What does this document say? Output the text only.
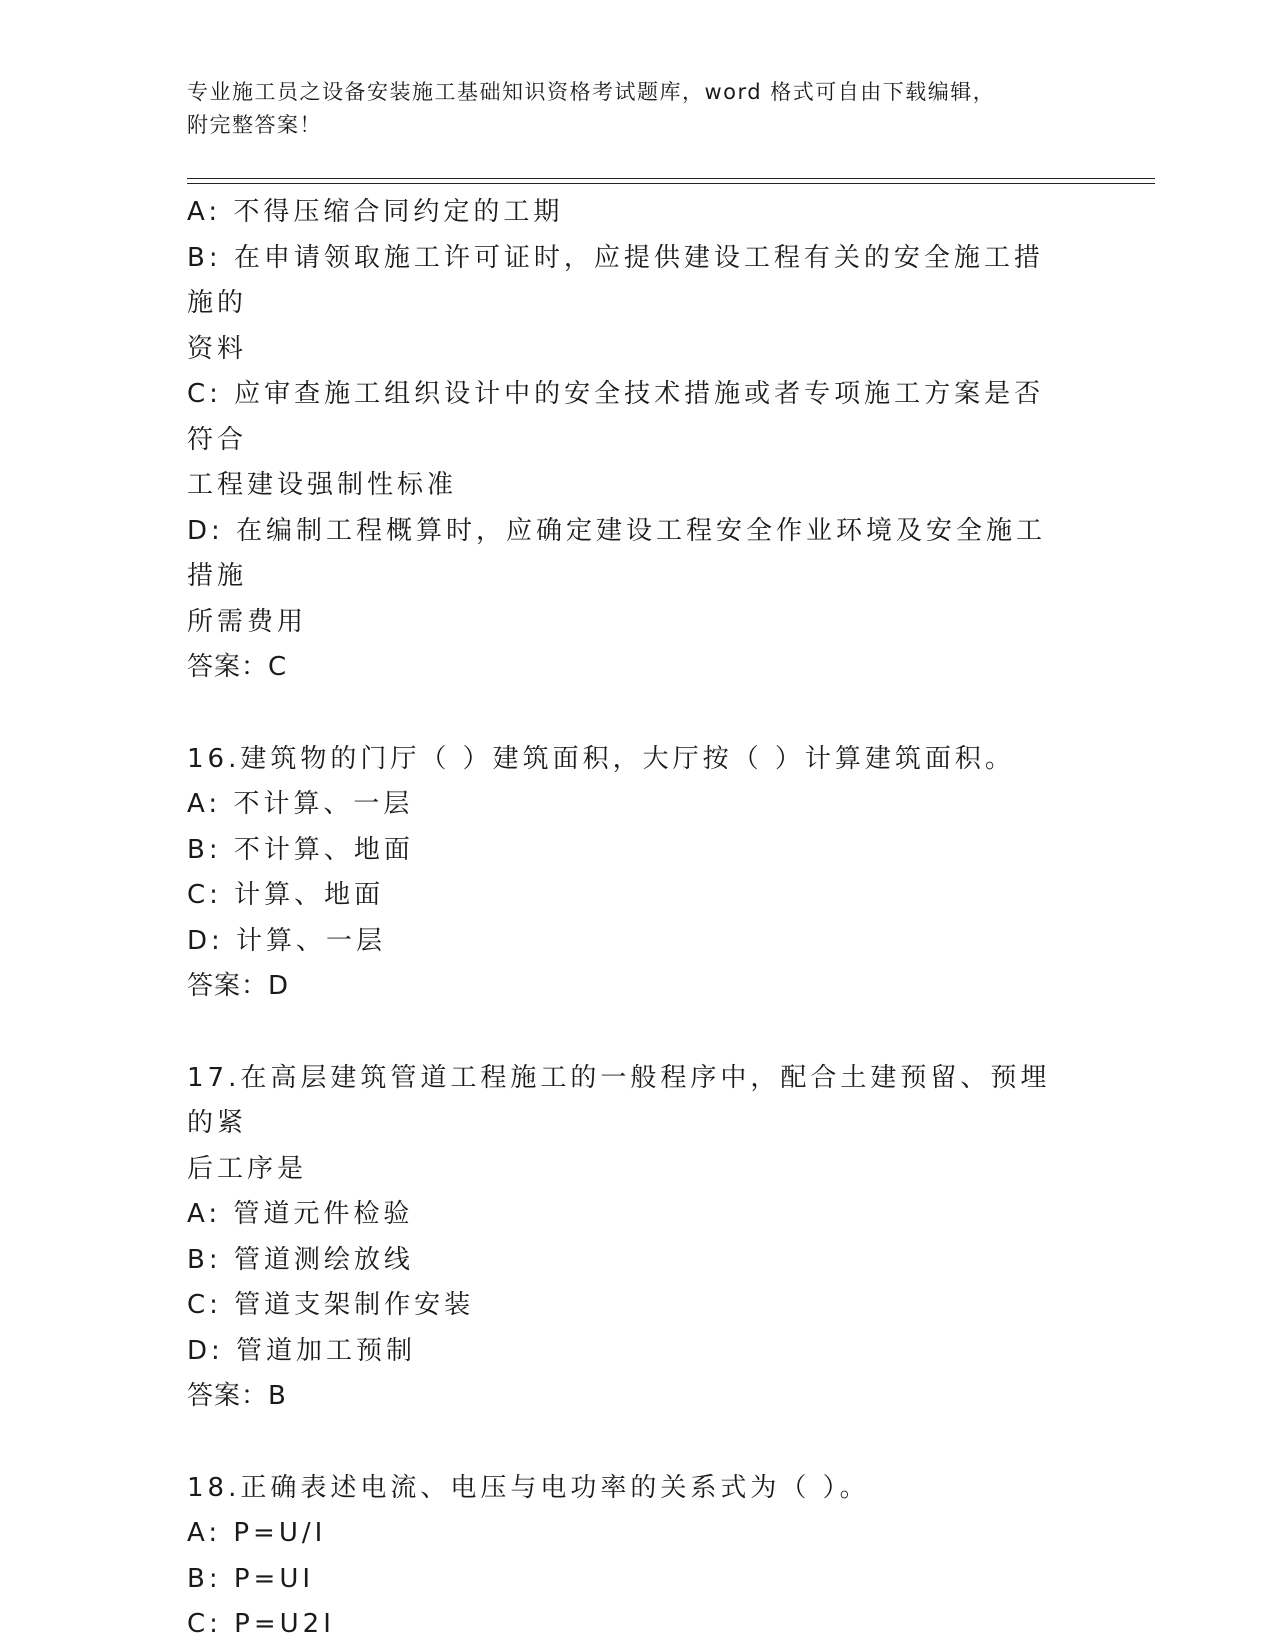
专业施工员之设备安装施工基础知识资格考试题库，word 格式可自由下载编辑，
附完整答案！

A: 不得压缩合同约定的工期

B: 在申请领取施工许可证时，应提供建设工程有关的安全施工措施的

资料

C: 应审查施工组织设计中的安全技术措施或者专项施工方案是否符合

工程建设强制性标准

D: 在编制工程概算时，应确定建设工程安全作业环境及安全施工措施

所需费用

答案：C

16.建筑物的门厅（ ）建筑面积，大厅按（ ）计算建筑面积。

A: 不计算、一层

B: 不计算、地面

C: 计算、地面

D: 计算、一层

答案：D

17.在高层建筑管道工程施工的一般程序中，配合土建预留、预埋的紧

后工序是

A: 管道元件检验

B: 管道测绘放线

C: 管道支架制作安装

D: 管道加工预制

答案：B

18.正确表述电流、电压与电功率的关系式为（ ）。

A: P=U/I

B: P=UI

C: P=U2I
